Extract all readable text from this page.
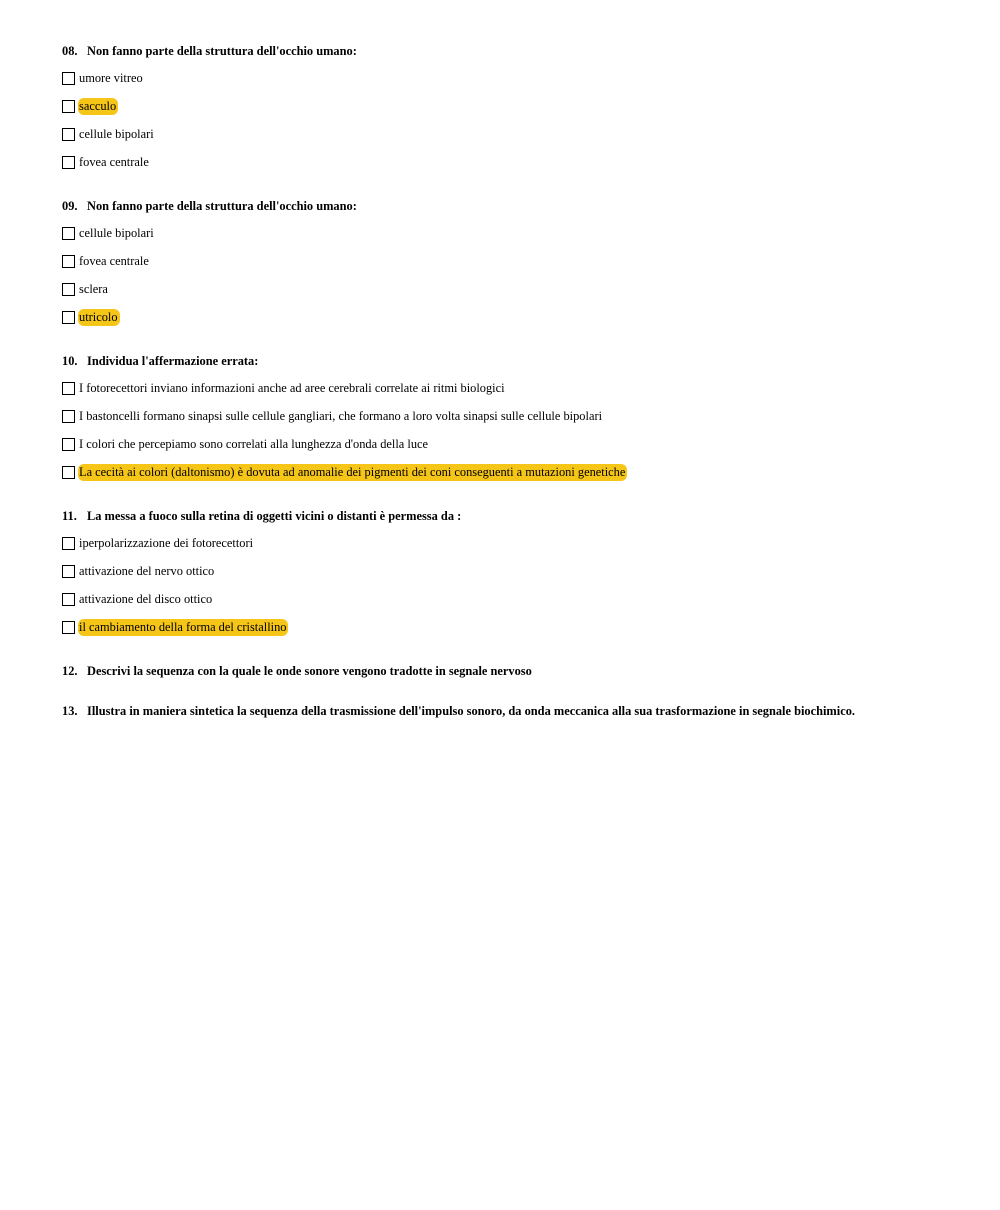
08. Non fanno parte della struttura dell'occhio umano:
umore vitreo
sacculo
cellule bipolari
fovea centrale
09. Non fanno parte della struttura dell'occhio umano:
cellule bipolari
fovea centrale
sclera
utricolo
10. Individua l'affermazione errata:
I fotorecettori inviano informazioni anche ad aree cerebrali correlate ai ritmi biologici
I bastoncelli formano sinapsi sulle cellule gangliari, che formano a loro volta sinapsi sulle cellule bipolari
I colori che percepiamo sono correlati alla lunghezza d'onda della luce
La cecità ai colori (daltonismo) è dovuta ad anomalie dei pigmenti dei coni conseguenti a mutazioni genetiche
11. La messa a fuoco sulla retina di oggetti vicini o distanti è permessa da :
iperpolarizzazione dei fotorecettori
attivazione del nervo ottico
attivazione del disco ottico
il cambiamento della forma del cristallino
12. Descrivi la sequenza con la quale le onde sonore vengono tradotte in segnale nervoso
13. Illustra in maniera sintetica la sequenza della trasmissione dell'impulso sonoro, da onda meccanica alla sua trasformazione in segnale biochimico.
